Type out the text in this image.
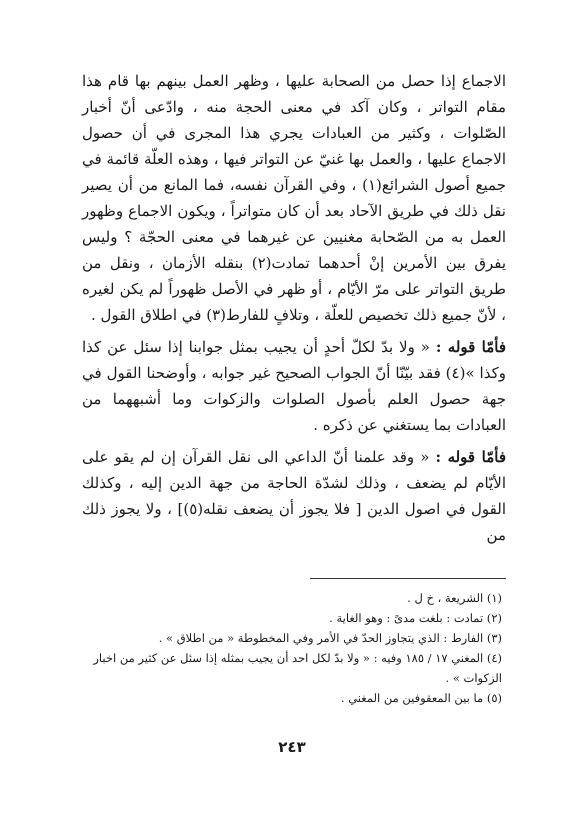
الاجماع إذا حصل من الصحابة عليها ، وظهر العمل بينهم بها قام هذا مقام التواتر ، وكان آكد في معنى الحجة منه ، وادّعى أنّ أخبار الصّلوات ، وكثير من العبادات يجري هذا المجرى في أن حصول الاجماع عليها ، والعمل بها غنيّ عن التواتر فيها ، وهذه العلّة قائمة في جميع أصول الشرائع(١) ، وفي القرآن نفسه، فما المانع من أن يصير نقل ذلك في طريق الآحاد بعد أن كان متواتراً ، ويكون الاجماع وظهور العمل به من الصّحابة مغنيين عن غيرهما في معنى الحجّة ؟ وليس يفرق بين الأمرين إنْ أحدهما تمادت(٢) بنقله الأزمان ، ونقل من طريق التواتر على مرّ الأيّام ، أو ظهر في الأصل ظهوراً لم يكن لغيره ، لأنّ جميع ذلك تخصيص للعلّة ، وتلافٍ للفارط(٣) في اطلاق القول .

فأمّا قوله : « ولا بدّ لكلّ أحدٍ أن يجيب بمثل جوابنا إذا سئل عن كذا وكذا »(٤) فقد بيّنّا أنّ الجواب الصحيح غير جوابه ، وأوضحنا القول في جهة حصول العلم بأصول الصلوات والزكوات وما أشبههما من العبادات بما يستغني عن ذكره .

فأمّا قوله : « وقد علمنا أنّ الداعي الى نقل القرآن إن لم يقو على الأيّام لم يضعف ، وذلك لشدّة الحاجة من جهة الدين إليه ، وكذلك القول في اصول الدين [ فلا يجوز أن يضعف نقله(٥)] ، ولا يجوز ذلك من

(١) الشريعة ، خ ل .

(٢) تمادت : بلغت مدىً : وهو الغاية .

(٣) الفارط : الذي يتجاوز الحدّ في الأمر وفي المخطوطة « من اطلاق » .

(٤) المغني ١٧ / ١٨٥ وفيه : « ولا بدّ لكل احد أن يجيب بمثله إذا سئل عن كثير من اخبار الزكوات » .

(٥) ما بين المعقوفين من المغني .

٢٤٣
